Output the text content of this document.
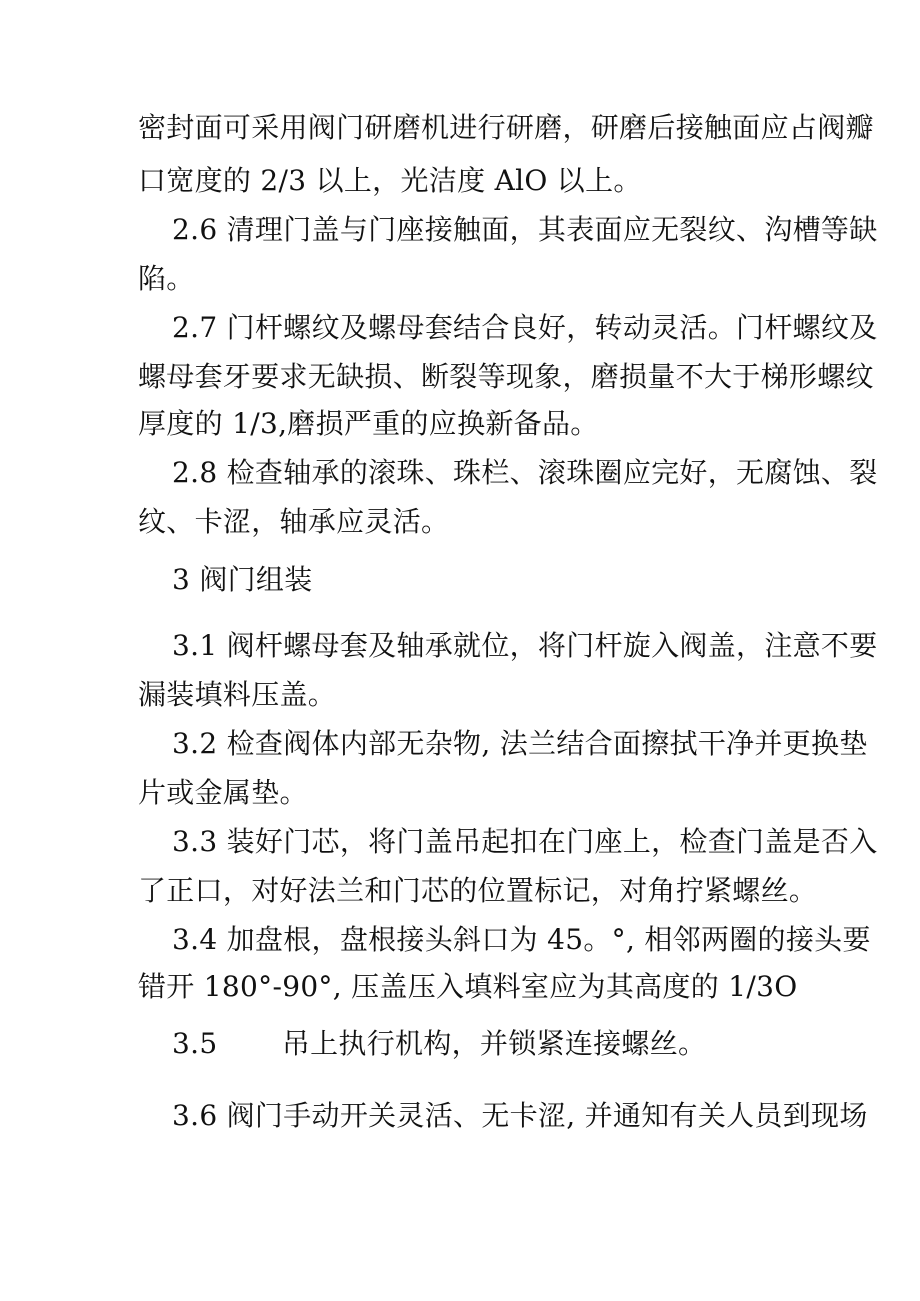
密封面可采用阀门研磨机进行研磨，研磨后接触面应占阀瓣
口宽度的 2/3 以上，光洁度 AlO 以上。
2.6 清理门盖与门座接触面，其表面应无裂纹、沟槽等缺
陷。
2.7 门杆螺纹及螺母套结合良好，转动灵活。门杆螺纹及
螺母套牙要求无缺损、断裂等现象，磨损量不大于梯形螺纹
厚度的 1/3,磨损严重的应换新备品。
2.8 检查轴承的滚珠、珠栏、滚珠圈应完好，无腐蚀、裂
纹、卡涩，轴承应灵活。
3 阀门组装
3.1 阀杆螺母套及轴承就位，将门杆旋入阀盖，注意不要
漏装填料压盖。
3.2 检查阀体内部无杂物, 法兰结合面擦拭干净并更换垫
片或金属垫。
3.3 装好门芯，将门盖吊起扣在门座上，检查门盖是否入
了正口，对好法兰和门芯的位置标记，对角拧紧螺丝。
3.4 加盘根，盘根接头斜口为 45。°, 相邻两圈的接头要
错开 180°-90°, 压盖压入填料室应为其高度的 1/3O
3.5       吊上执行机构，并锁紧连接螺丝。
3.6 阀门手动开关灵活、无卡涩, 并通知有关人员到现场
